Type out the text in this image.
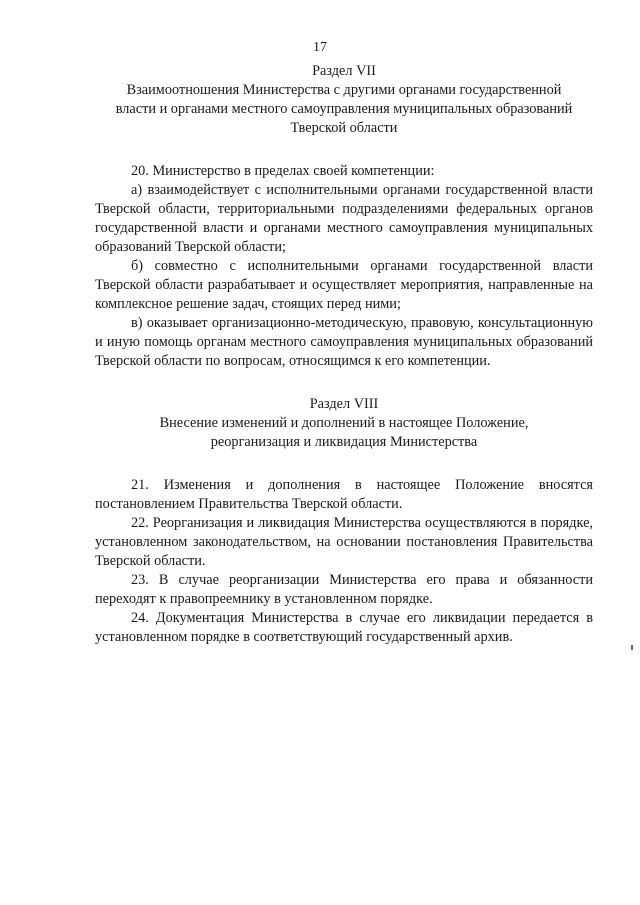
17
Раздел VII
Взаимоотношения Министерства с другими органами государственной
власти и органами местного самоуправления муниципальных образований
Тверской области

20. Министерство в пределах своей компетенции:

а) взаимодействует с исполнительными органами государственной власти Тверской области, территориальными подразделениями федеральных органов государственной власти и органами местного самоуправления муниципальных образований Тверской области;

б) совместно с исполнительными органами государственной власти Тверской области разрабатывает и осуществляет мероприятия, направленные на комплексное решение задач, стоящих перед ними;

в) оказывает организационно-методическую, правовую, консультационную и иную помощь органам местного самоуправления муниципальных образований Тверской области по вопросам, относящимся к его компетенции.

Раздел VIII
Внесение изменений и дополнений в настоящее Положение,
реорганизация и ликвидация Министерства

21. Изменения и дополнения в настоящее Положение вносятся постановлением Правительства Тверской области.

22. Реорганизация и ликвидация Министерства осуществляются в порядке, установленном законодательством, на основании постановления Правительства Тверской области.

23. В случае реорганизации Министерства его права и обязанности переходят к правопреемнику в установленном порядке.

24. Документация Министерства в случае его ликвидации передается в установленном порядке в соответствующий государственный архив.
